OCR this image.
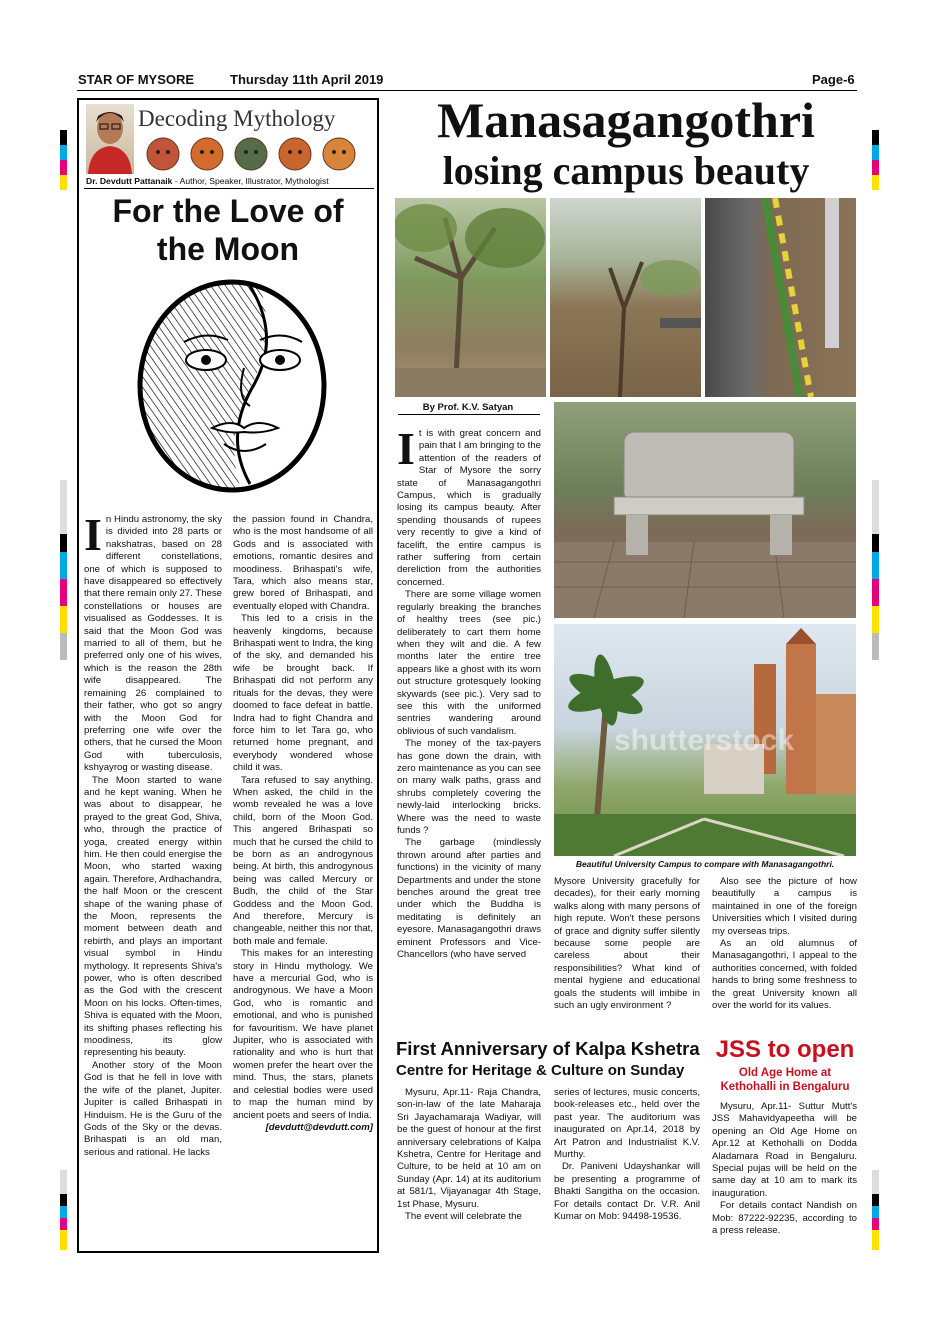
STAR OF MYSORE	Thursday 11th April 2019	Page-6
Decoding Mythology
Dr. Devdutt Pattanaik - Author, Speaker, Illustrator, Mythologist
For the Love of
the Moon

In Hindu astronomy, the sky is divided into 28 parts or nakshatras, based on 28 different constellations, one of which is supposed to have disappeared so effectively that there remain only 27. These constellations or houses are visualised as Goddesses. It is said that the Moon God was married to all of them, but he preferred only one of his wives, which is the reason the 28th wife disappeared. The remaining 26 complained to their father, who got so angry with the Moon God for preferring one wife over the others, that he cursed the Moon God with tuberculosis, kshyayrog or wasting disease.

The Moon started to wane and he kept waning. When he was about to disappear, he prayed to the great God, Shiva, who, through the practice of yoga, created energy within him. He then could energise the Moon, who started waxing again. Therefore, Ardhachandra, the half Moon or the crescent shape of the waning phase of the Moon, represents the moment between death and rebirth, and plays an important visual symbol in Hindu mythology. It represents Shiva's power, who is often described as the God with the crescent Moon on his locks. Often-times, Shiva is equated with the Moon, its shifting phases reflecting his moodiness, its glow representing his beauty.

Another story of the Moon God is that he fell in love with the wife of the planet, Jupiter. Jupiter is called Brihaspati in Hinduism. He is the Guru of the Gods of the Sky or the devas. Brihaspati is an old man, serious and rational. He lacks

the passion found in Chandra, who is the most handsome of all Gods and is associated with emotions, romantic desires and moodiness. Brihaspati's wife, Tara, which also means star, grew bored of Brihaspati, and eventually eloped with Chandra.

This led to a crisis in the heavenly kingdoms, because Brihaspati went to Indra, the king of the sky, and demanded his wife be brought back. If Brihaspati did not perform any rituals for the devas, they were doomed to face defeat in battle. Indra had to fight Chandra and force him to let Tara go, who returned home pregnant, and everybody wondered whose child it was.

Tara refused to say anything. When asked, the child in the womb revealed he was a love child, born of the Moon God. This angered Brihaspati so much that he cursed the child to be born as an androgynous being. At birth, this androgynous being was called Mercury or Budh, the child of the Star Goddess and the Moon God. And therefore, Mercury is changeable, neither this nor that, both male and female.

This makes for an interesting story in Hindu mythology. We have a mercurial God, who is androgynous. We have a Moon God, who is romantic and emotional, and who is punished for favouritism. We have planet Jupiter, who is associated with rationality and who is hurt that women prefer the heart over the mind. Thus, the stars, planets and celestial bodies were used to map the human mind by ancient poets and seers of India.

[devdutt@devdutt.com]
Manasagangothri
losing campus beauty
By Prof. K.V. Satyan

It is with great concern and pain that I am bringing to the attention of the readers of Star of Mysore the sorry state of Manasagangothri Campus, which is gradually losing its campus beauty. After spending thousands of rupees very recently to give a kind of facelift, the entire campus is rather suffering from certain dereliction from the authorities concerned.

There are some village women regularly breaking the branches of healthy trees (see pic.) deliberately to cart them home when they wilt and die. A few months later the entire tree appears like a ghost with its worn out structure grotesquely looking skywards (see pic.). Very sad to see this with the uniformed sentries wandering around oblivious of such vandalism.

The money of the tax-payers has gone down the drain, with zero maintenance as you can see on many walk paths, grass and shrubs completely covering the newly-laid interlocking bricks. Where was the need to waste funds ?

The garbage (mindlessly thrown around after parties and functions) in the vicinity of many Departments and under the stone benches around the great tree under which the Buddha is meditating is definitely an eyesore. Manasagangothri draws eminent Professors and Vice-Chancellors (who have served

shutterstock
Beautiful University Campus to compare with Manasagangothri.

Mysore University gracefully for decades), for their early morning walks along with many persons of high repute. Won't these persons of grace and dignity suffer silently because some people are careless about their responsibilities? What kind of mental hygiene and educational goals the students will imbibe in such an ugly environment ?

Also see the picture of how beautifully a campus is maintained in one of the foreign Universities which I visited during my overseas trips.

As an old alumnus of Manasagangothri, I appeal to the authorities concerned, with folded hands to bring some freshness to the great University known all over the world for its values.

First Anniversary of Kalpa Kshetra
Centre for Heritage & Culture on Sunday

Mysuru, Apr.11- Raja Chandra, son-in-law of the late Maharaja Sri Jayachamaraja Wadiyar, will be the guest of honour at the first anniversary celebrations of Kalpa Kshetra, Centre for Heritage and Culture, to be held at 10 am on Sunday (Apr. 14) at its auditorium at 581/1, Vijayanagar 4th Stage, 1st Phase, Mysuru.

The event will celebrate the

series of lectures, music concerts, book-releases etc., held over the past year. The auditorium was inaugurated on Apr.14, 2018 by Art Patron and Industrialist K.V. Murthy.

Dr. Paniveni Udayshankar will be presenting a programme of Bhakti Sangitha on the occasion. For details contact Dr. V.R. Anil Kumar on Mob: 94498-19536.

JSS to open
Old Age Home at
Kethohalli in Bengaluru

Mysuru, Apr.11- Suttur Mutt's JSS Mahavidyapeetha will be opening an Old Age Home on Apr.12 at Kethohalli on Dodda Aladamara Road in Bengaluru. Special pujas will be held on the same day at 10 am to mark its inauguration.

For details contact Nandish on Mob: 87222-92235, according to a press release.
